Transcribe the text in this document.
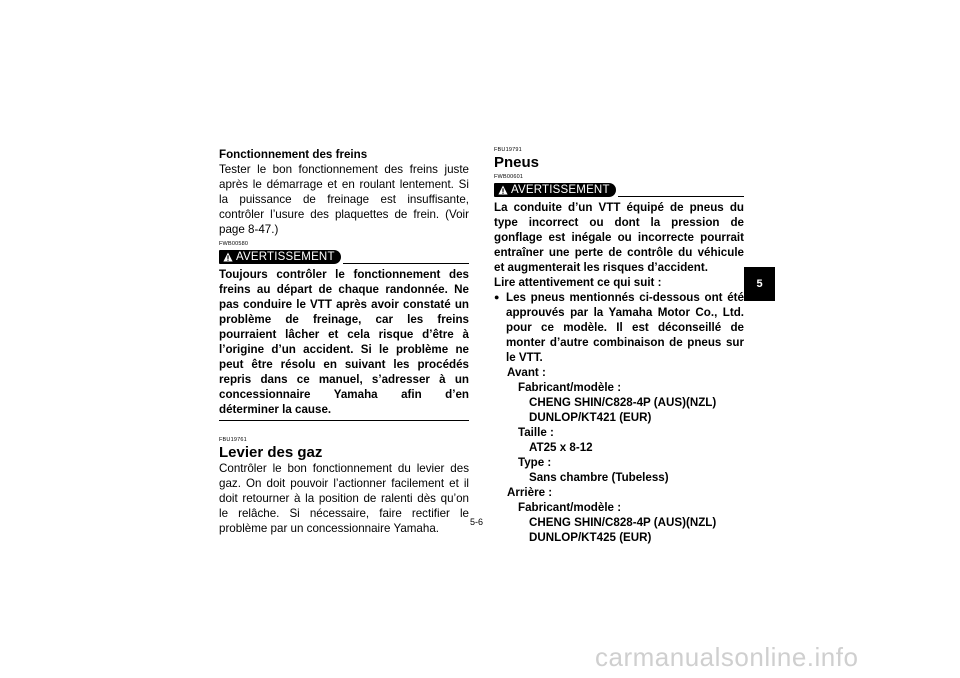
Fonctionnement des freins
Tester le bon fonctionnement des freins juste après le démarrage et en roulant lentement. Si la puissance de freinage est insuffisante, contrôler l’usure des plaquettes de frein. (Voir page 8-47.)
FWB00580
AVERTISSEMENT
Toujours contrôler le fonctionnement des freins au départ de chaque randonnée. Ne pas conduire le VTT après avoir constaté un problème de freinage, car les freins pourraient lâcher et cela risque d’être à l’origine d’un accident. Si le problème ne peut être résolu en suivant les procédés repris dans ce manuel, s’adresser à un concessionnaire Yamaha afin d’en déterminer la cause.
FBU19761
Levier des gaz
Contrôler le bon fonctionnement du levier des gaz. On doit pouvoir l’actionner facilement et il doit retourner à la position de ralenti dès qu’on le relâche. Si nécessaire, faire rectifier le problème par un concessionnaire Yamaha.
FBU19791
Pneus
FWB00601
AVERTISSEMENT
La conduite d’un VTT équipé de pneus du type incorrect ou dont la pression de gonflage est inégale ou incorrecte pourrait entraîner une perte de contrôle du véhicule et augmenterait les risques d’accident.
Lire attentivement ce qui suit :
● Les pneus mentionnés ci-dessous ont été approuvés par la Yamaha Motor Co., Ltd. pour ce modèle. Il est déconseillé de monter d’autre combinaison de pneus sur le VTT.
Avant :
Fabricant/modèle :
CHENG SHIN/C828-4P (AUS)(NZL)
DUNLOP/KT421 (EUR)
Taille :
AT25 x 8-12
Type :
Sans chambre (Tubeless)
Arrière :
Fabricant/modèle :
CHENG SHIN/C828-4P (AUS)(NZL)
DUNLOP/KT425 (EUR)
5-6
5
carmanualsonline.info
